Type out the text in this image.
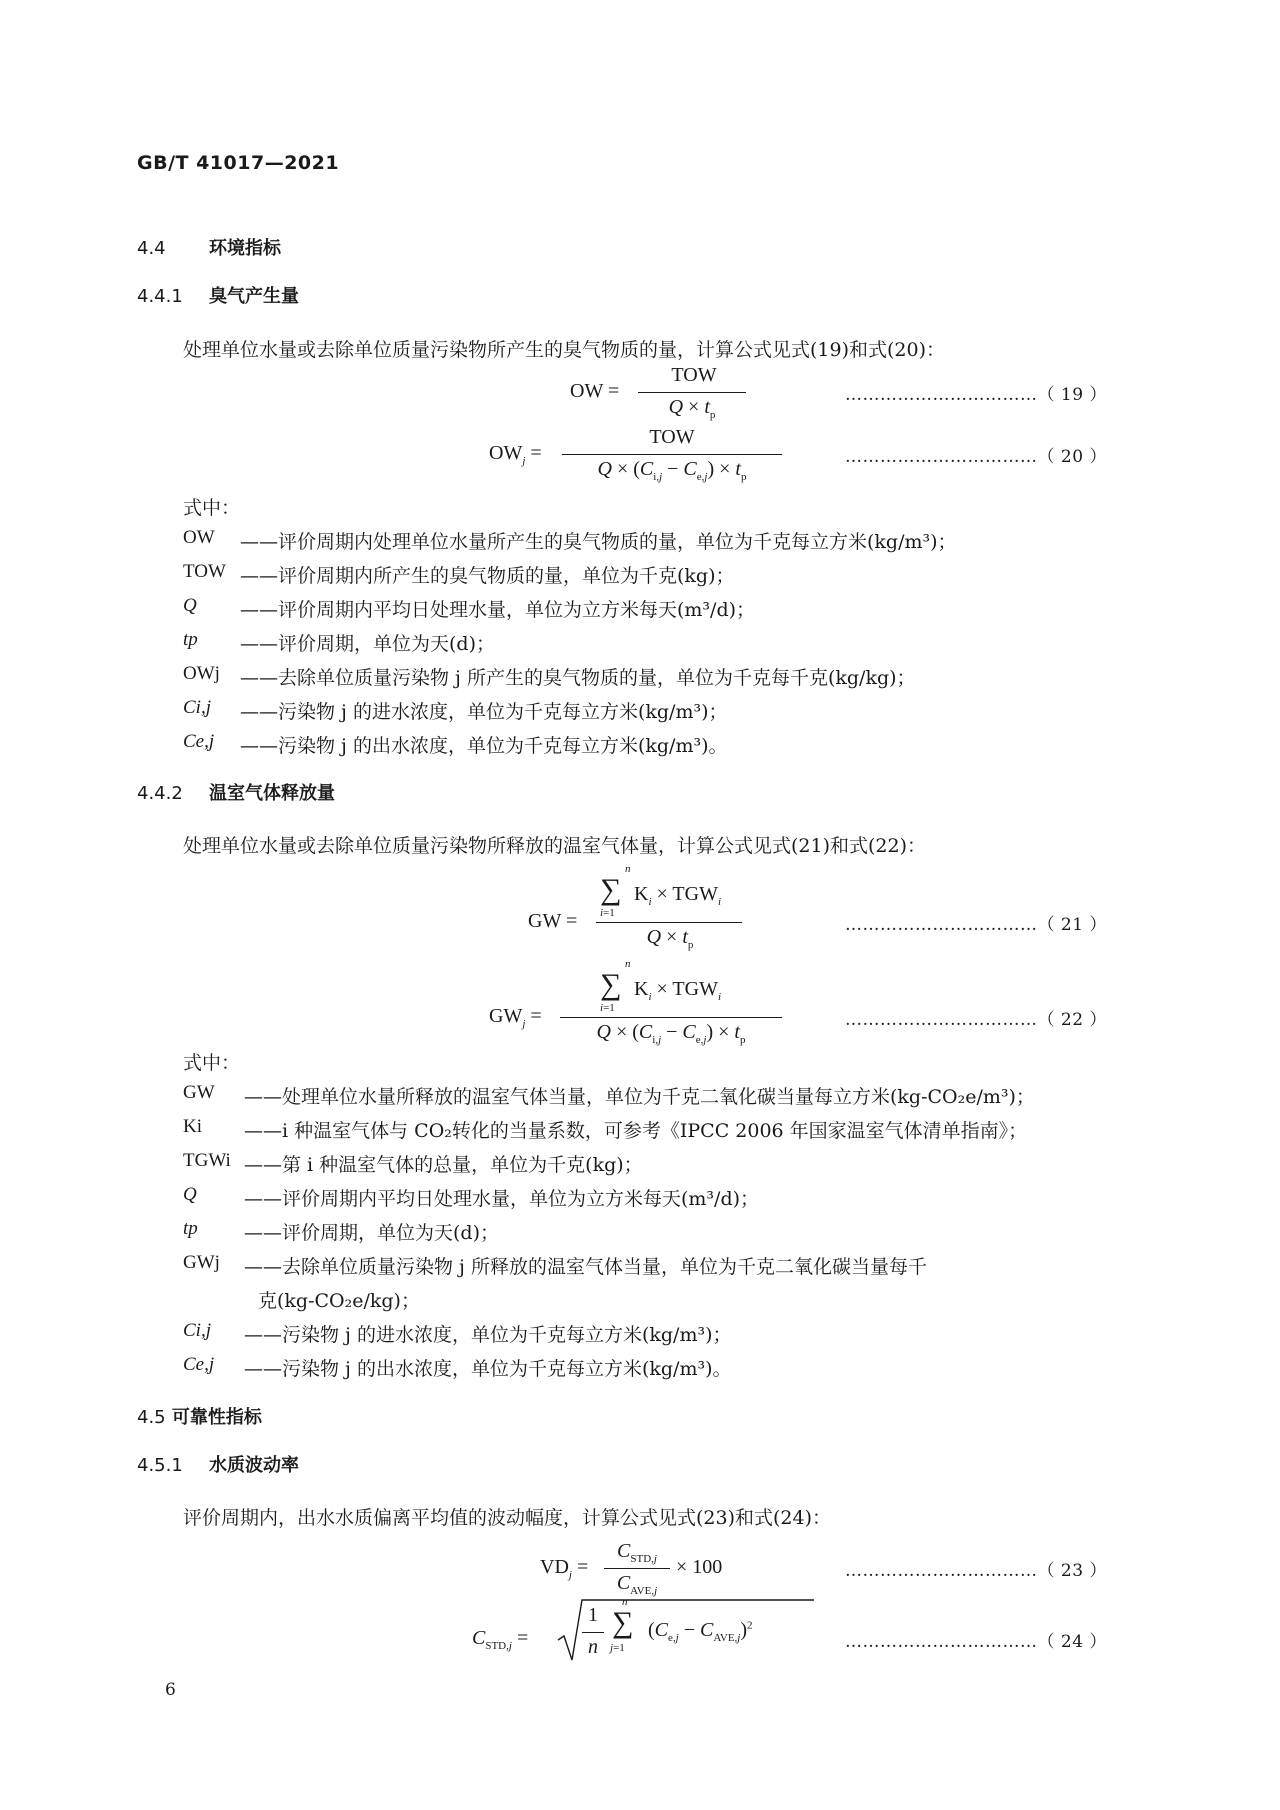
GB/T 41017—2021
4.4 环境指标
4.4.1 臭气产生量
处理单位水量或去除单位质量污染物所产生的臭气物质的量，计算公式见式(19)和式(20)：
OW =
TOW
$Q \times t_p$
……………………………（ 19 ）
$OW_j$ =
TOW
$Q \times (C_{i,j} - C_{e,j}) \times t_p$
……………………………（ 20 ）
式中：
OW ——评价周期内处理单位水量所产生的臭气物质的量，单位为千克每立方米(kg/m³)；
TOW ——评价周期内所产生的臭气物质的量，单位为千克(kg)；
Q ——评价周期内平均日处理水量，单位为立方米每天(m³/d)；
tp ——评价周期，单位为天(d)；
OWj ——去除单位质量污染物 j 所产生的臭气物质的量，单位为千克每千克(kg/kg)；
Ci,j ——污染物 j 的进水浓度，单位为千克每立方米(kg/m³)；
Ce,j ——污染物 j 的出水浓度，单位为千克每立方米(kg/m³)。
4.4.2 温室气体释放量
处理单位水量或去除单位质量污染物所释放的温室气体量，计算公式见式(21)和式(22)：
GW =
n
∑
i=1
$K_i \times TGW_i$
$Q \times t_p$
……………………………（ 21 ）
$GW_j$ =
n
∑
i=1
$K_i \times TGW_i$
$Q \times (C_{i,j} - C_{e,j}) \times t_p$
……………………………（ 22 ）
式中：
GW ——处理单位水量所释放的温室气体当量，单位为千克二氧化碳当量每立方米(kg-CO₂e/m³)；
Ki ——i 种温室气体与 CO₂转化的当量系数，可参考《IPCC 2006 年国家温室气体清单指南》；
TGWi ——第 i 种温室气体的总量，单位为千克(kg)；
Q ——评价周期内平均日处理水量，单位为立方米每天(m³/d)；
tp ——评价周期，单位为天(d)；
GWj ——去除单位质量污染物 j 所释放的温室气体当量，单位为千克二氧化碳当量每千
克(kg-CO₂e/kg)；
Ci,j ——污染物 j 的进水浓度，单位为千克每立方米(kg/m³)；
Ce,j ——污染物 j 的出水浓度，单位为千克每立方米(kg/m³)。
4.5 可靠性指标
4.5.1 水质波动率
评价周期内，出水水质偏离平均值的波动幅度，计算公式见式(23)和式(24)：
$VD_j$ =
$C_{STD,j}$
$C_{AVE,j}$
× 100	……………………………（ 23 ）
$C_{STD,j}$ =
1
n
n
∑
j=1
$(C_{e,j} - C_{AVE,j})^2$
……………………………（ 24 ）
6
